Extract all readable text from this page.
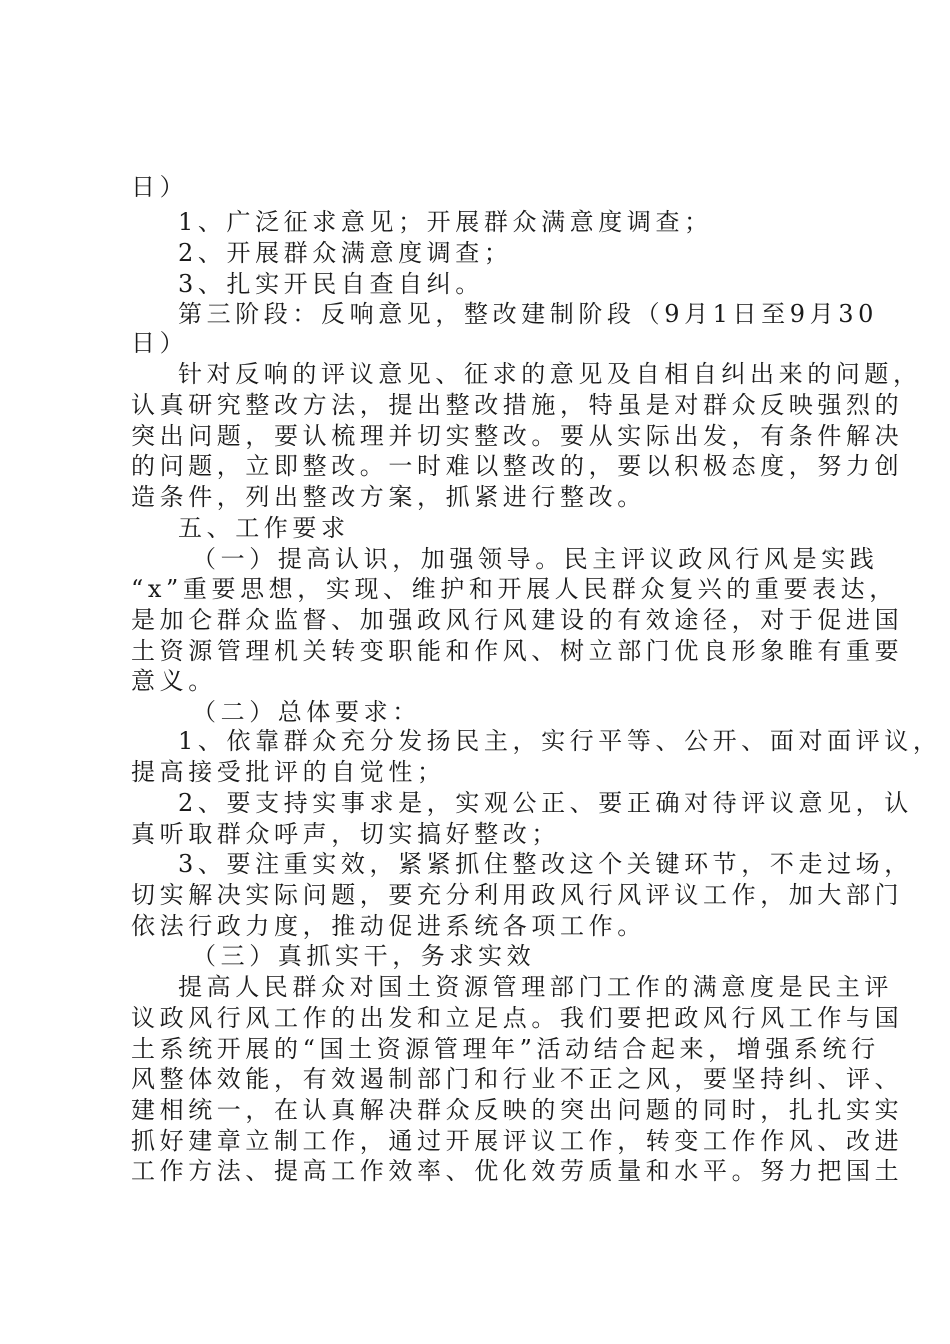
日）
1、广泛征求意见；开展群众满意度调查；
2、开展群众满意度调查；
3、扎实开民自查自纠。
第三阶段：反响意见，整改建制阶段（9月1日至9月30
日）
针对反响的评议意见、征求的意见及自相自纠出来的问题，
认真研究整改方法，提出整改措施，特虽是对群众反映强烈的
突出问题，要认梳理并切实整改。要从实际出发，有条件解决
的问题，立即整改。一时难以整改的，要以积极态度，努力创
造条件，列出整改方案，抓紧进行整改。
五、工作要求
（一）提高认识，加强领导。民主评议政风行风是实践
“x”重要思想，实现、维护和开展人民群众复兴的重要表达，
是加仑群众监督、加强政风行风建设的有效途径，对于促进国
土资源管理机关转变职能和作风、树立部门优良形象睢有重要
意义。
（二）总体要求：
1、依靠群众充分发扬民主，实行平等、公开、面对面评议，
提高接受批评的自觉性；
2、要支持实事求是，实观公正、要正确对待评议意见，认
真听取群众呼声，切实搞好整改；
3、要注重实效，紧紧抓住整改这个关键环节，不走过场，
切实解决实际问题，要充分利用政风行风评议工作，加大部门
依法行政力度，推动促进系统各项工作。
（三）真抓实干，务求实效
提高人民群众对国土资源管理部门工作的满意度是民主评
议政风行风工作的出发和立足点。我们要把政风行风工作与国
土系统开展的“国土资源管理年”活动结合起来，增强系统行
风整体效能，有效遏制部门和行业不正之风，要坚持纠、评、
建相统一，在认真解决群众反映的突出问题的同时，扎扎实实
抓好建章立制工作，通过开展评议工作，转变工作作风、改进
工作方法、提高工作效率、优化效劳质量和水平。努力把国土
